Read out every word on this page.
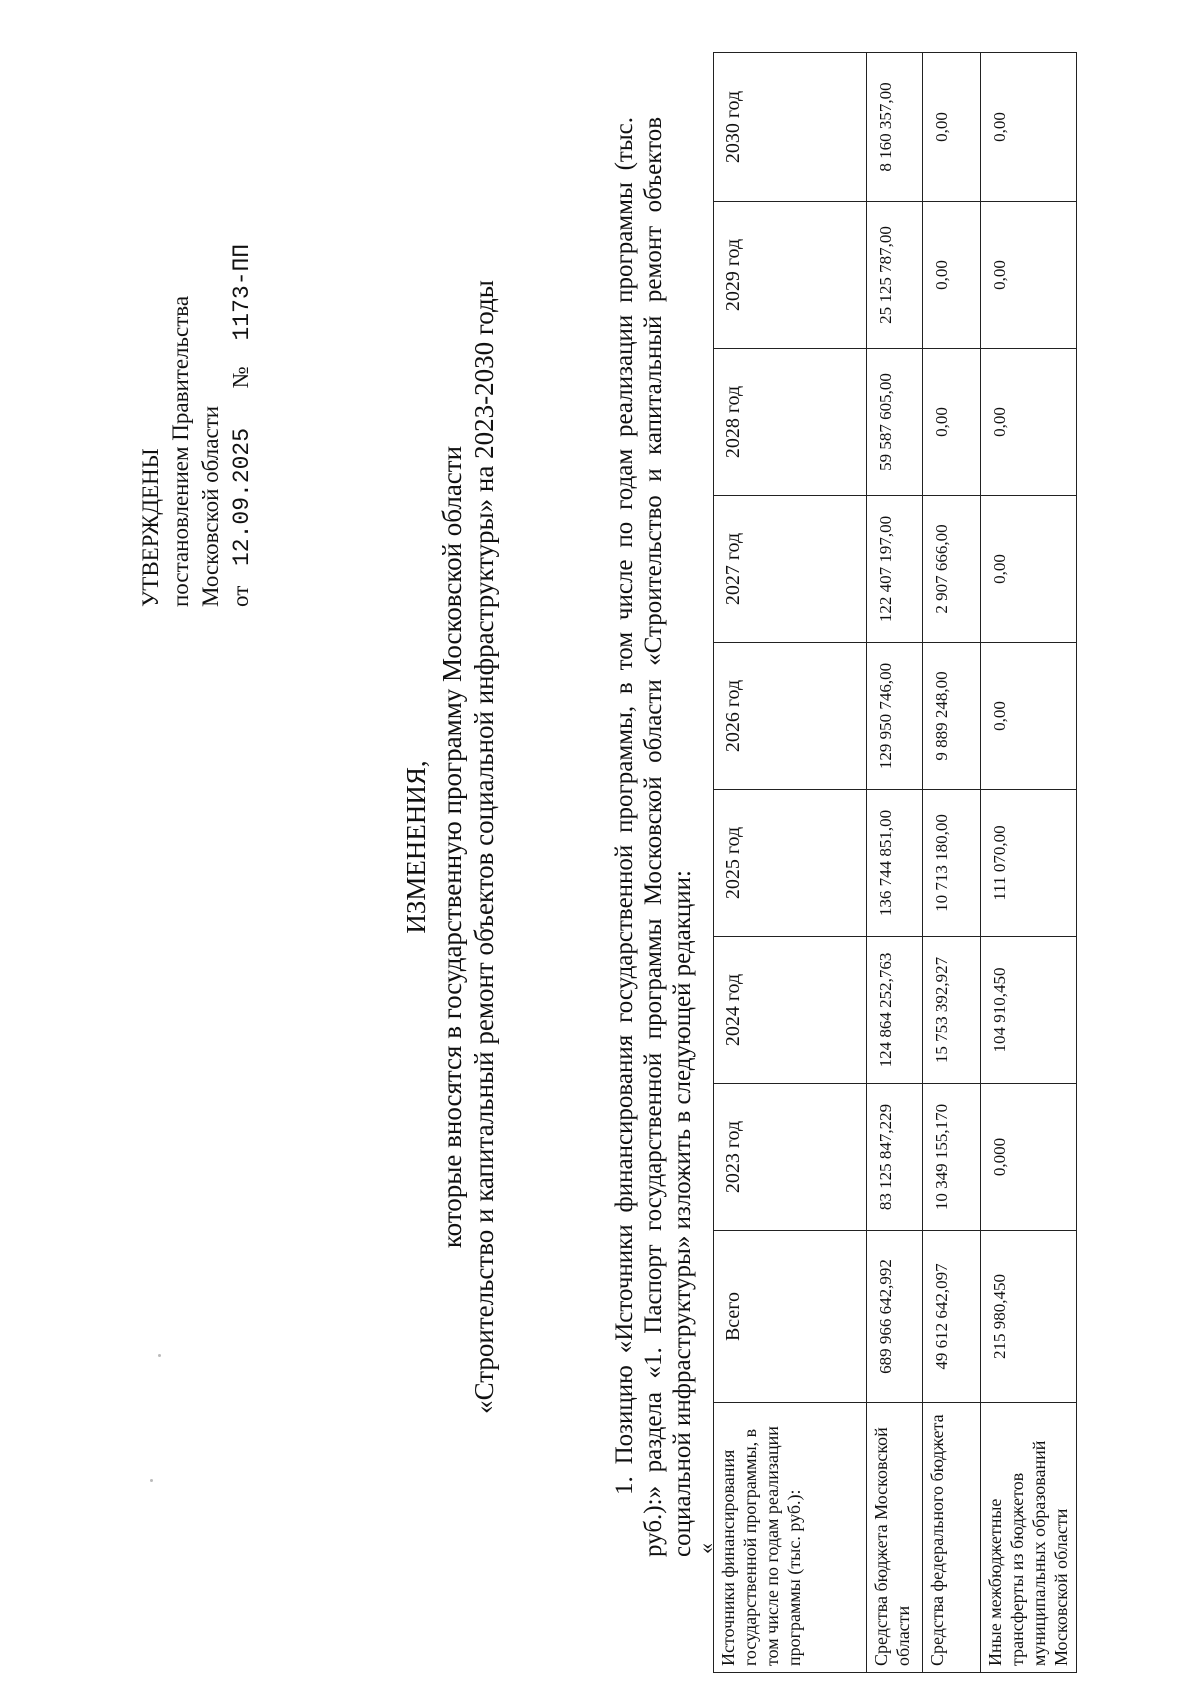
УТВЕРЖДЕНЫ постановлением Правительства Московской области от 12.09.2025 № 1173-ПП
ИЗМЕНЕНИЯ, которые вносятся в государственную программу Московской области «Строительство и капитальный ремонт объектов социальной инфраструктуры» на 2023-2030 годы	1. Позицию «Источники финансирования государственной программы, в том числе по годам реализации программы (тыс. руб.):» раздела «1. Паспорт государственной программы Московской области «Строительство и капитальный ремонт объектов социальной инфраструктуры» изложить в следующей редакции:

« Источники финансирования государственной программы, в том числе по годам реализации программы (тыс. руб.):	Всего	2023 год	2024 год	2025 год	2026 год	2027 год	2028 год	2029 год	2030 год
Средства бюджета Московской области	689 966 642,992	83 125 847,229	124 864 252,763	136 744 851,00	129 950 746,00	122 407 197,00	59 587 605,00	25 125 787,00	8 160 357,00
Средства федерального бюджета	49 612 642,097	10 349 155,170	15 753 392,927	10 713 180,00	9 889 248,00	2 907 666,00	0,00	0,00	0,00
Иные межбюджетные трансферты из бюджетов муниципальных образований Московской области	215 980,450	0,000	104 910,450	111 070,00	0,00	0,00	0,00	0,00	0,00
